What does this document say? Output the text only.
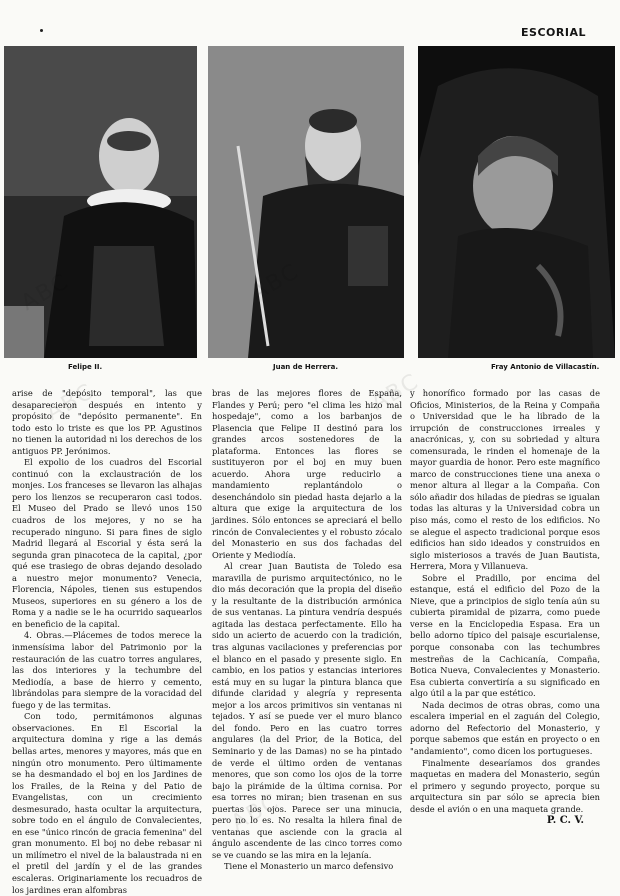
ESCORIAL
Felipe II.	Juan de Herrera.	Fray Antonio de Villacastín.

arise de "depósito temporal", las que desaparecieron después en intento y propósito de "depósito permanente". En todo esto lo triste es que los PP. Agustinos no tienen la autoridad ni los derechos de los antiguos PP. Jerónimos.

El expolio de los cuadros del Escorial continuó con la exclaustración de los monjes. Los franceses se llevaron las alhajas pero los lienzos se recuperaron casi todos. El Museo del Prado se llevó unos 150 cuadros de los mejores, y no se ha recuperado ninguno. Si para fines de siglo Madrid llegará al Escorial y ésta será la segunda gran pinacoteca de la capital, ¿por qué ese trasiego de obras dejando desolado a nuestro mejor monumento? Venecia, Florencia, Nápoles, tienen sus estupendos Museos, superiores en su género a los de Roma y a nadie se le ha ocurrido saquearlos en beneficio de la capital.

4. Obras.—Plácemes de todos merece la inmensísima labor del Patrimonio por la restauración de las cuatro torres angulares, las dos interiores y la techumbre del Mediodía, a base de hierro y cemento, librándolas para siempre de la voracidad del fuego y de las termitas.

Con todo, permitámonos algunas observaciones. En El Escorial la arquitectura domina y rige a las demás bellas artes, menores y mayores, más que en ningún otro monumento. Pero últimamente se ha desmandado el boj en los Jardines de los Frailes, de la Reina y del Patio de Evangelistas, con un crecimiento desmesurado, hasta ocultar la arquitectura, sobre todo en el ángulo de Convalecientes, en ese "único rincón de gracia femenina" del gran monumento. El boj no debe rebasar ni un milímetro el nivel de la balaustrada ni en el pretil del jardín y el de las grandes escaleras. Originariamente los recuadros de los jardines eran alfombras

bras de las mejores flores de España, Flandes y Perú; pero "el clima les hizo mal hospedaje", como a los barbanjos de Plasencia que Felipe II destinó para los grandes arcos sostenedores de la plataforma. Entonces las flores se sustituyeron por el boj en muy buen acuerdo. Ahora urge reducirlo a mandamiento replantándolo o desenchándolo sin piedad hasta dejarlo a la altura que exige la arquitectura de los jardines. Sólo entonces se apreciará el bello rincón de Convalecientes y el robusto zócalo del Monasterio en sus dos fachadas del Oriente y Mediodía.

Al crear Juan Bautista de Toledo esa maravilla de purismo arquitectónico, no le dio más decoración que la propia del diseño y la resultante de la distribución armónica de sus ventanas. La pintura vendría después agitada las destaca perfectamente. Ello ha sido un acierto de acuerdo con la tradición, tras algunas vacilaciones y preferencias por el blanco en el pasado y presente siglo. En cambio, en los patios y estancias interiores está muy en su lugar la pintura blanca que difunde claridad y alegría y representa mejor a los arcos primitivos sin ventanas ni tejados. Y así se puede ver el muro blanco del fondo. Pero en las cuatro torres angulares (la del Prior, de la Botica, del Seminario y de las Damas) no se ha pintado de verde el último orden de ventanas menores, que son como los ojos de la torre bajo la pirámide de la última cornisa. Por esa torres no miran; bien trasenan en sus puertas los ojos. Parece ser una minucia, pero no lo es. No resalta la hilera final de ventanas que asciende con la gracia al ángulo ascendente de las cinco torres como se ve cuando se las mira en la lejanía.

Tiene el Monasterio un marco defensivo

y honorífico formado por las casas de Oficios, Ministerios, de la Reina y Compaña o Universidad que le ha librado de la irrupción de construcciones irreales y anacrónicas, y, con su sobriedad y altura comensurada, le rinden el homenaje de la mayor guardia de honor. Pero este magnífico marco de construcciones tiene una anexa o menor altura al llegar a la Compaña. Con sólo añadir dos hiladas de piedras se igualan todas las alturas y la Universidad cobra un piso más, como el resto de los edificios. No se alegue el aspecto tradicional porque esos edificios han sido ideados y construidos en siglo misteriosos a través de Juan Bautista, Herrera, Mora y Villanueva.

Sobre el Pradillo, por encima del estanque, está el edificio del Pozo de la Nieve, que a principios de siglo tenía aún su cubierta piramidal de pizarra, como puede verse en la Enciclopedia Espasa. Era un bello adorno típico del paisaje escurialense, porque consonaba con las techumbres mestreñas de la Cachicanía, Compaña, Botica Nueva, Convalecientes y Monasterio. Esa cubierta convertiría a su significado en algo útil a la par que estético.

Nada decimos de otras obras, como una escalera imperial en el zaguán del Colegio, adorno del Refectorio del Monasterio, y porque sabemos que están en proyecto o en "andamiento", como dicen los portugueses.

Finalmente desearíamos dos grandes maquetas en madera del Monasterio, según el primero y segundo proyecto, porque su arquitectura sin par sólo se aprecia bien desde el avión o en una maqueta grande.

P. C. V.
ABC	ABC
ABC	ABC
ABC
